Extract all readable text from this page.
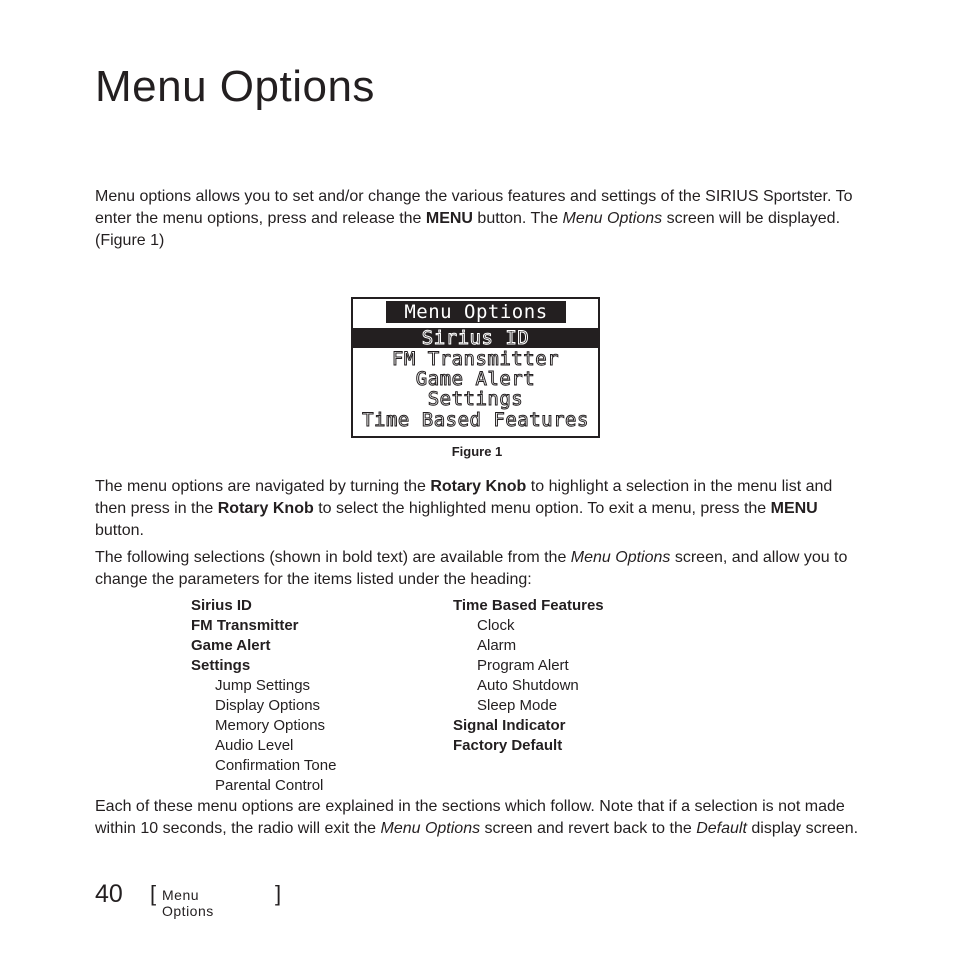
Menu Options

Menu options allows you to set and/or change the various features and settings of the SIRIUS Sportster. To enter the menu options, press and release the MENU button. The Menu Options screen will be displayed. (Figure 1)

Menu Options
Sirius ID
FM Transmitter
Game Alert
Settings
Time Based Features
Figure 1

The menu options are navigated by turning the Rotary Knob to highlight a selection in the menu list and then press in the Rotary Knob to select the highlighted menu option. To exit a menu, press the MENU button.

The following selections (shown in bold text) are available from the Menu Options screen, and allow you to change the parameters for the items listed under the heading:

Sirius ID
FM Transmitter
Game Alert
Settings
Jump Settings
Display Options
Memory Options
Audio Level
Confirmation Tone
Parental Control
Time Based Features
Clock
Alarm
Program Alert
Auto Shutdown
Sleep Mode
Signal Indicator
Factory Default

Each of these menu options are explained in the sections which follow. Note that if a selection is not made within 10 seconds, the radio will exit the Menu Options screen and revert back to the Default display screen.

40 [ Menu Options
]
